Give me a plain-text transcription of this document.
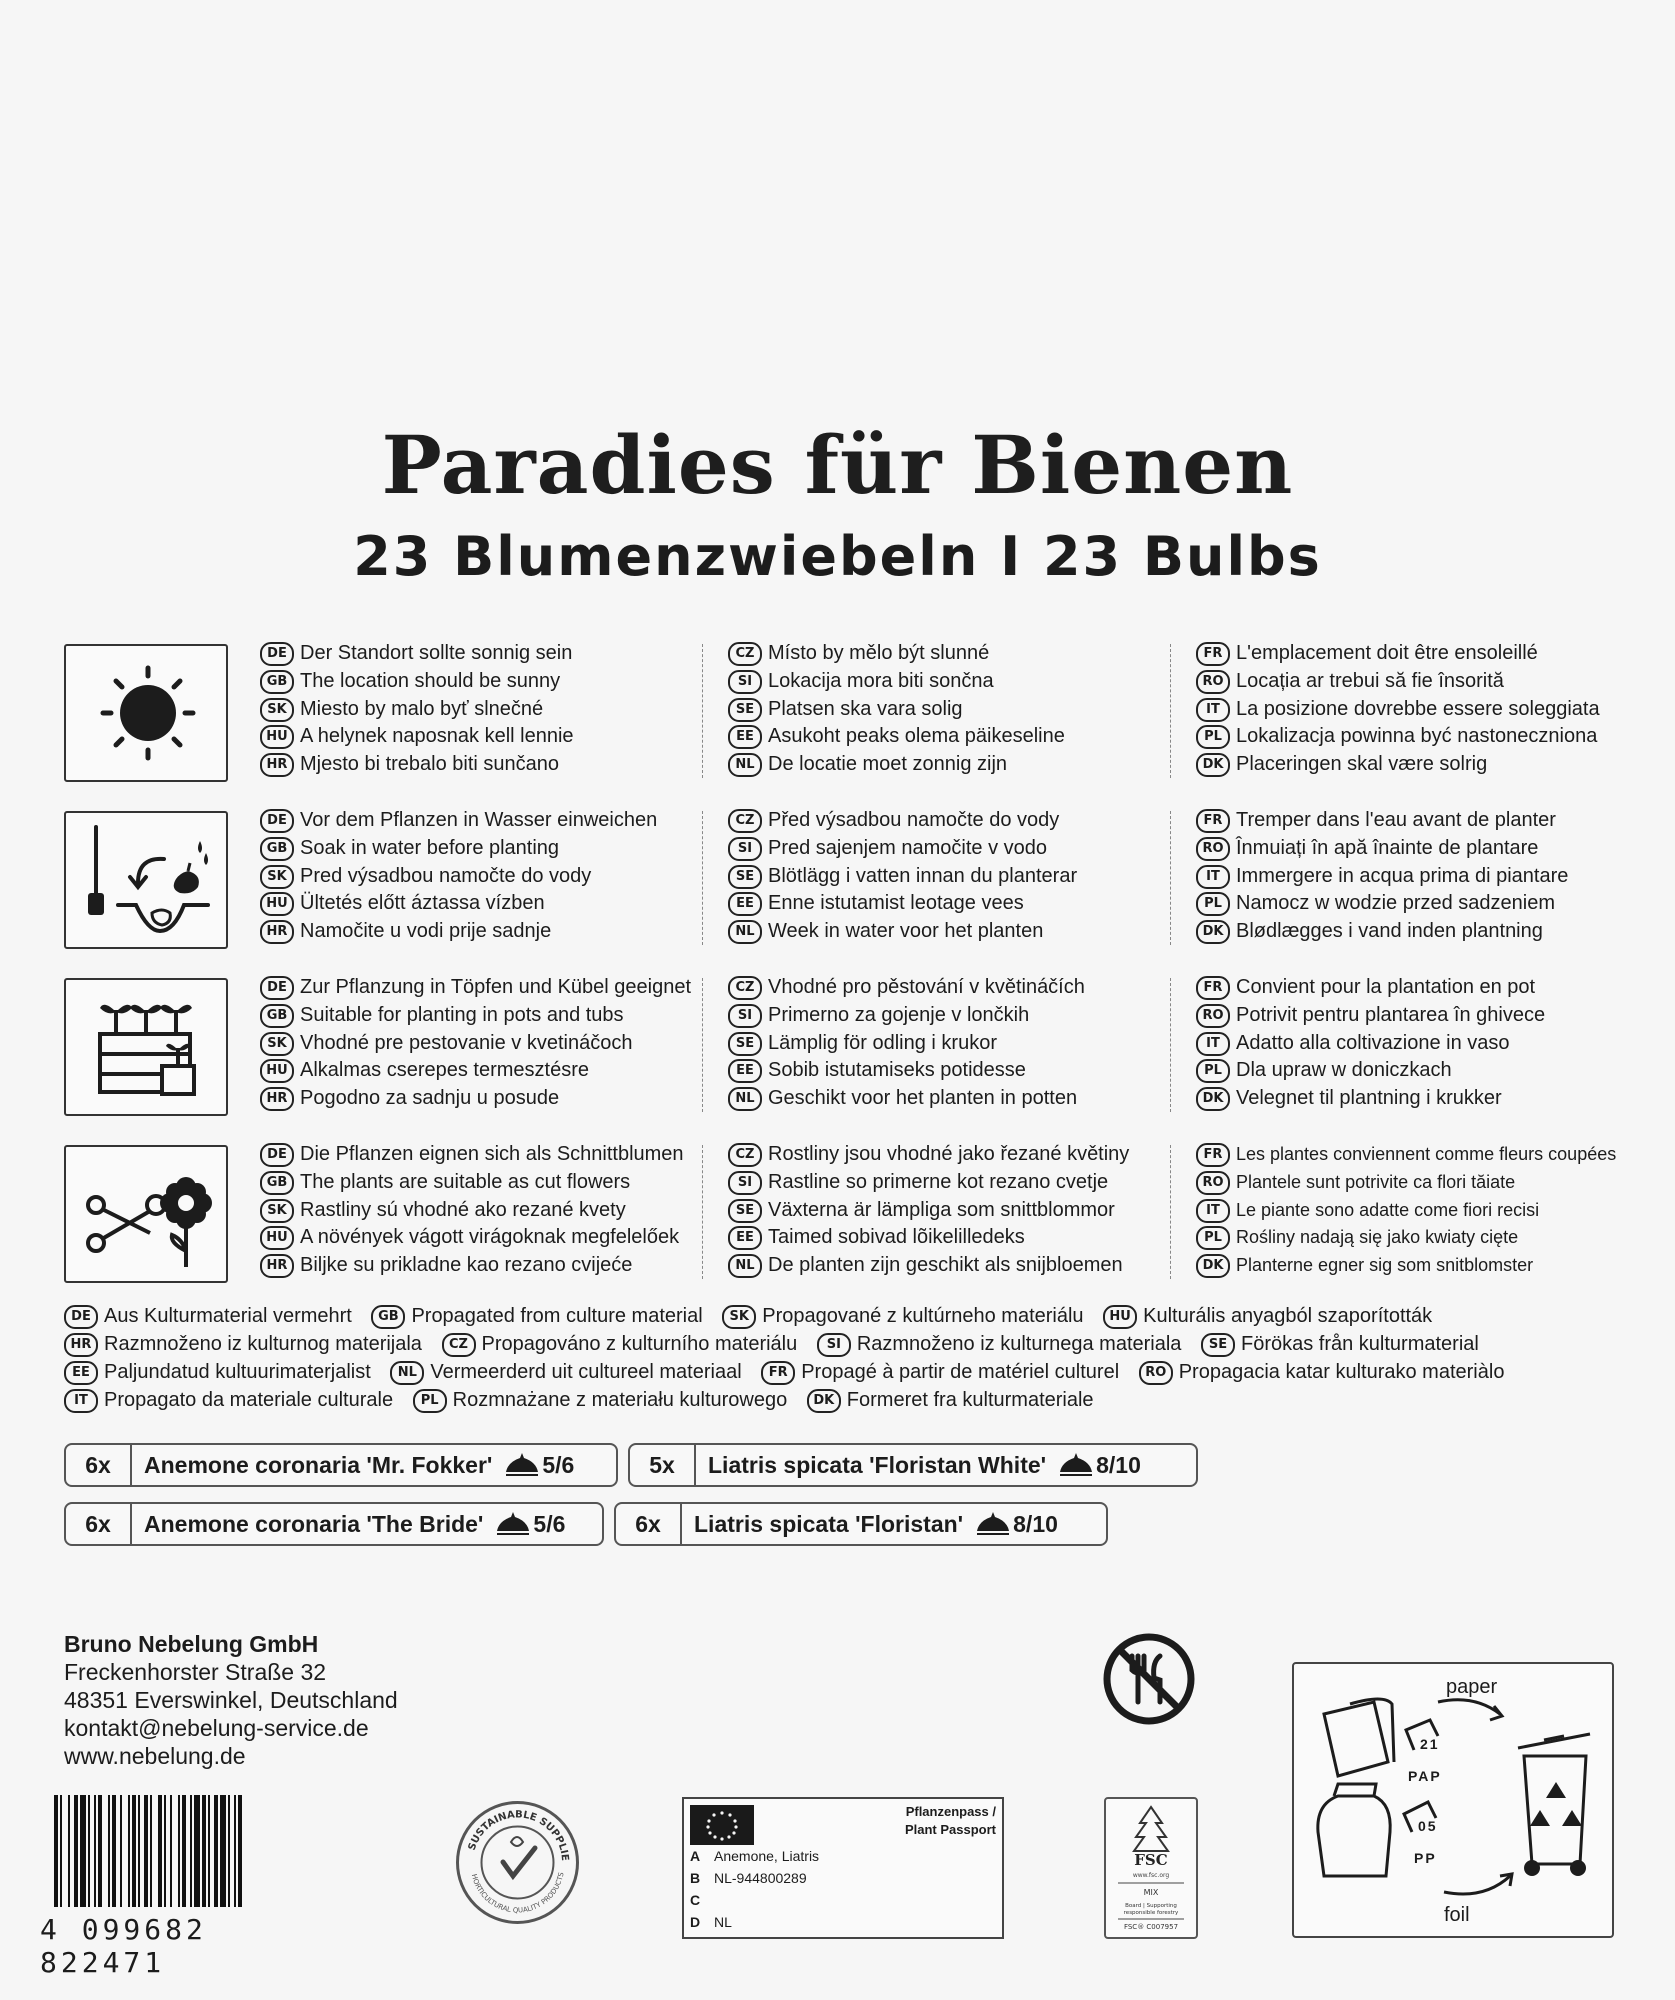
Paradies für Bienen
23 Blumenzwiebeln I 23 Bulbs
DE Der Standort sollte sonnig sein
GB The location should be sunny
SK Miesto by malo byť slnečné
HU A helynek naposnak kell lennie
HR Mjesto bi trebalo biti sunčano
CZ Místo by mělo být slunné
SI Lokacija mora biti sončna
SE Platsen ska vara solig
EE Asukoht peaks olema päikeseline
NL De locatie moet zonnig zijn
FR L'emplacement doit être ensoleillé
RO Locația ar trebui să fie însorită
IT La posizione dovrebbe essere soleggiata
PL Lokalizacja powinna być nastoneczniona
DK Placeringen skal være solrig
DE Vor dem Pflanzen in Wasser einweichen
GB Soak in water before planting
SK Pred výsadbou namočte do vody
HU Ültetés előtt áztassa vízben
HR Namočite u vodi prije sadnje
CZ Před výsadbou namočte do vody
SI Pred sajenjem namočite v vodo
SE Blötlägg i vatten innan du planterar
EE Enne istutamist leotage vees
NL Week in water voor het planten
FR Tremper dans l'eau avant de planter
RO Înmuiați în apă înainte de plantare
IT Immergere in acqua prima di piantare
PL Namocz w wodzie przed sadzeniem
DK Blødlægges i vand inden plantning
DE Zur Pflanzung in Töpfen und Kübel geeignet
GB Suitable for planting in pots and tubs
SK Vhodné pre pestovanie v kvetináčoch
HU Alkalmas cserepes termesztésre
HR Pogodno za sadnju u posude
CZ Vhodné pro pěstování v květináčích
SI Primerno za gojenje v lončkih
SE Lämplig för odling i krukor
EE Sobib istutamiseks potidesse
NL Geschikt voor het planten in potten
FR Convient pour la plantation en pot
RO Potrivit pentru plantarea în ghivece
IT Adatto alla coltivazione in vaso
PL Dla upraw w doniczkach
DK Velegnet til plantning i krukker
DE Die Pflanzen eignen sich als Schnittblumen
GB The plants are suitable as cut flowers
SK Rastliny sú vhodné ako rezané kvety
HU A növények vágott virágoknak megfelelőek
HR Biljke su prikladne kao rezano cvijeće
CZ Rostliny jsou vhodné jako řezané květiny
SI Rastline so primerne kot rezano cvetje
SE Växterna är lämpliga som snittblommor
EE Taimed sobivad lõikelilledeks
NL De planten zijn geschikt als snijbloemen
FR Les plantes conviennent comme fleurs coupées
RO Plantele sunt potrivite ca flori tăiate
IT Le piante sono adatte come fiori recisi
PL Rośliny nadają się jako kwiaty cięte
DK Planterne egner sig som snitblomster
DE Aus Kulturmaterial vermehrt GB Propagated from culture material SK Propagované z kultúrneho materiálu HU Kulturális anyagból szaporították
HR Razmnoženo iz kulturnog materijala CZ Propagováno z kulturního materiálu SI Razmnoženo iz kulturnega materiala SE Förökas från kulturmaterial
EE Paljundatud kultuurimaterjalist NL Vermeerderd uit cultureel materiaal FR Propagé à partir de matériel culturel RO Propagacia katar kulturako materiàlo
IT Propagato da materiale culturale PL Rozmnażane z materiału kulturowego DK Formeret fra kulturmateriale
6x	Anemone coronaria 'Mr. Fokker'	5/6	5x	Liatris spicata 'Floristan White'	8/10
6x	Anemone coronaria 'The Bride'	5/6	6x	Liatris spicata 'Floristan'	8/10
Bruno Nebelung GmbH
Freckenhorster Straße 32
48351 Everswinkel, Deutschland
kontakt@nebelung-service.de
www.nebelung.de
4 099682 822471
SUSTAINABLE SUPPLIE
HORTICULTURAL QUALITY PRODUCTS
Pflanzenpass /
Plant Passport
A Anemone, Liatris
B NL-944800289
C
D NL
FSC
www.fsc.org
MIX
Board | Supporting
responsible forestry
FSC® C007957
paper
foil
21
PAP
05
PP
